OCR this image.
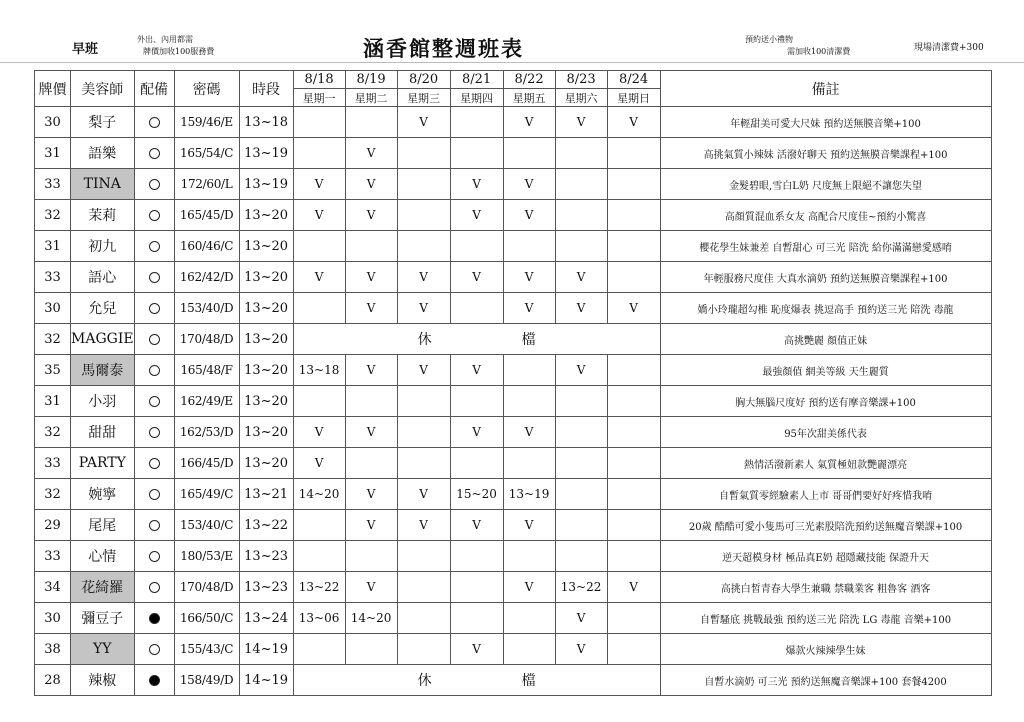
早班
外出、內用都需
牌價加收100服務費	涵香館整週班表	預約送小禮物
需加收100清潔費	現場清潔費+300
牌價	美容師	配備	密碼	時段	8/18	8/19	8/20	8/21	8/22	8/23	8/24	備註
					星期一	星期二	星期三	星期四	星期五	星期六	星期日	
30	梨子		159/46/E	13~18			V		V	V	V	年輕甜美可愛大尺妹 預約送無膜音樂+100
31	語樂		165/54/C	13~19		V						高挑氣質小辣妹 活潑好聊天 預約送無膜音樂課程+100
33	TINA		172/60/L	13~19	V	V		V	V			金髮碧眼,雪白L奶 尺度無上限絕不讓您失望
32	茉莉		165/45/D	13~20	V	V		V	V			高顏質混血系女友 高配合尺度佳~預約小驚喜
31	初九		160/46/C	13~20								櫻花學生妹兼差 自暫甜心 可三光 陪洗 給你滿滿戀愛感唷
33	語心		162/42/D	13~20	V	V	V	V	V	V		年輕服務尺度佳 大真水滴奶 預約送無膜音樂課程+100
30	允兒		153/40/D	13~20		V	V		V	V	V	嬌小玲瓏超勾椎 恥度爆表 挑逗高手 預約送三光 陪洗 毒龍
32	MAGGIE		170/48/D	13~20	休 檔							高挑艷麗 顏值正妹
35	馬爾泰		165/48/F	13~20	13~18	V	V	V		V		最強顏值 網美等級 天生麗質
31	小羽		162/49/E	13~20								胸大無腦尺度好 預約送有摩音樂課+100
32	甜甜		162/53/D	13~20	V	V		V	V			95年次甜美係代表
33	PARTY		166/45/D	13~20	V							熱情活潑新素人 氣質極妞款艷麗漂亮
32	婉寧		165/49/C	13~21	14~20	V	V	15~20	13~19			自暫氣質零經驗素人上市 哥哥們要好好疼惜我唷
29	尾尾		153/40/C	13~22		V	V	V	V			20歲 酷酷可愛小隻馬可三光素股陪洗預約送無魔音樂課+100
33	心情		180/53/E	13~23								逆天超模身材 極品真E奶 超隱藏技能 保證升天
34	花綺羅		170/48/D	13~23	13~22	V			V	13~22	V	高挑白皙青春大學生兼職 禁職業客 粗魯客 酒客
30	彌豆子		166/50/C	13~24	13~06	14~20				V		自暫騷底 挑戰最強 預約送三光 陪洗 LG 毒龍 音樂+100
38	YY		155/43/C	14~19				V		V		爆款火辣辣學生妹
28	辣椒		158/49/D	14~19	休 檔							自暫水滴奶 可三光 預約送無魔音樂課+100 套餐4200
